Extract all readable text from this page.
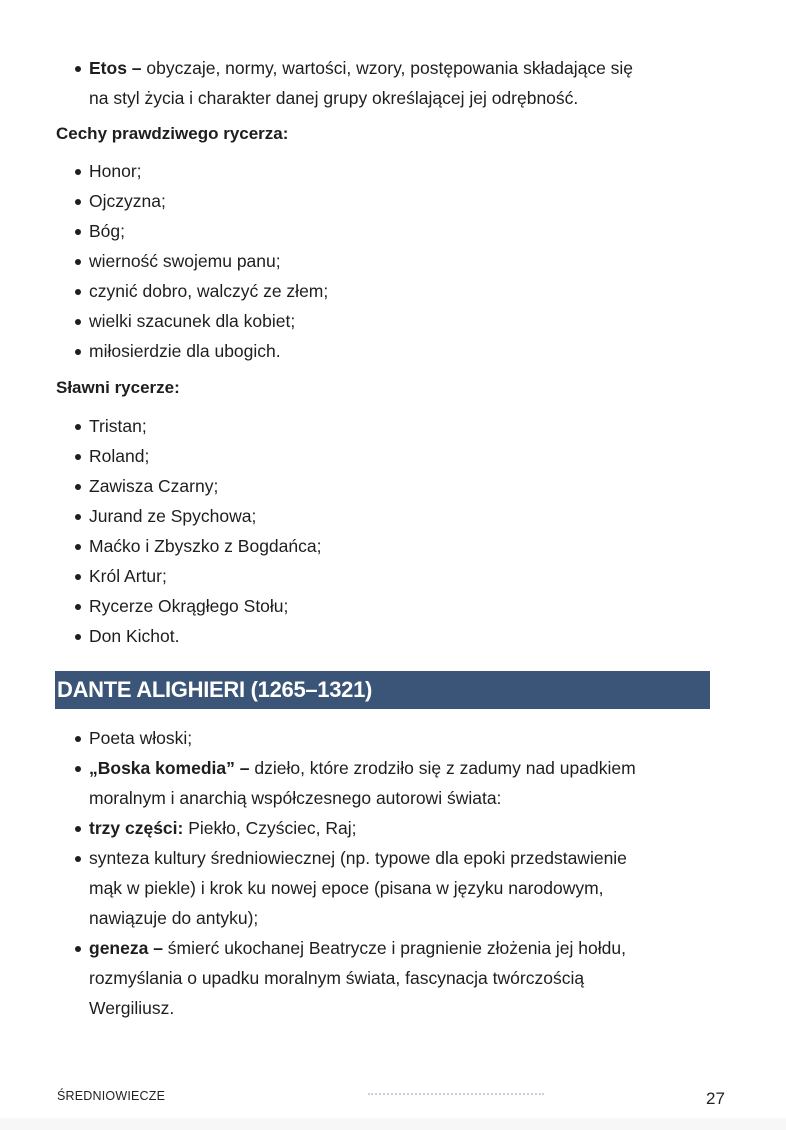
Etos – obyczaje, normy, wartości, wzory, postępowania składające się
na styl życia i charakter danej grupy określającej jej odrębność.
Cechy prawdziwego rycerza:
Honor;
Ojczyzna;
Bóg;
wierność swojemu panu;
czynić dobro, walczyć ze złem;
wielki szacunek dla kobiet;
miłosierdzie dla ubogich.
Sławni rycerze:
Tristan;
Roland;
Zawisza Czarny;
Jurand ze Spychowa;
Maćko i Zbyszko z Bogdańca;
Król Artur;
Rycerze Okrągłego Stołu;
Don Kichot.
DANTE ALIGHIERI (1265–1321)
Poeta włoski;
„Boska komedia” – dzieło, które zrodziło się z zadumy nad upadkiem
moralnym i anarchią współczesnego autorowi świata:
trzy części: Piekło, Czyściec, Raj;
synteza kultury średniowiecznej (np. typowe dla epoki przedstawienie
mąk w piekle) i krok ku nowej epoce (pisana w języku narodowym,
nawiązuje do antyku);
geneza – śmierć ukochanej Beatrycze i pragnienie złożenia jej hołdu,
rozmyślania o upadku moralnym świata, fascynacja twórczością
Wergiliusz.
ŚREDNIOWIECZE	27
